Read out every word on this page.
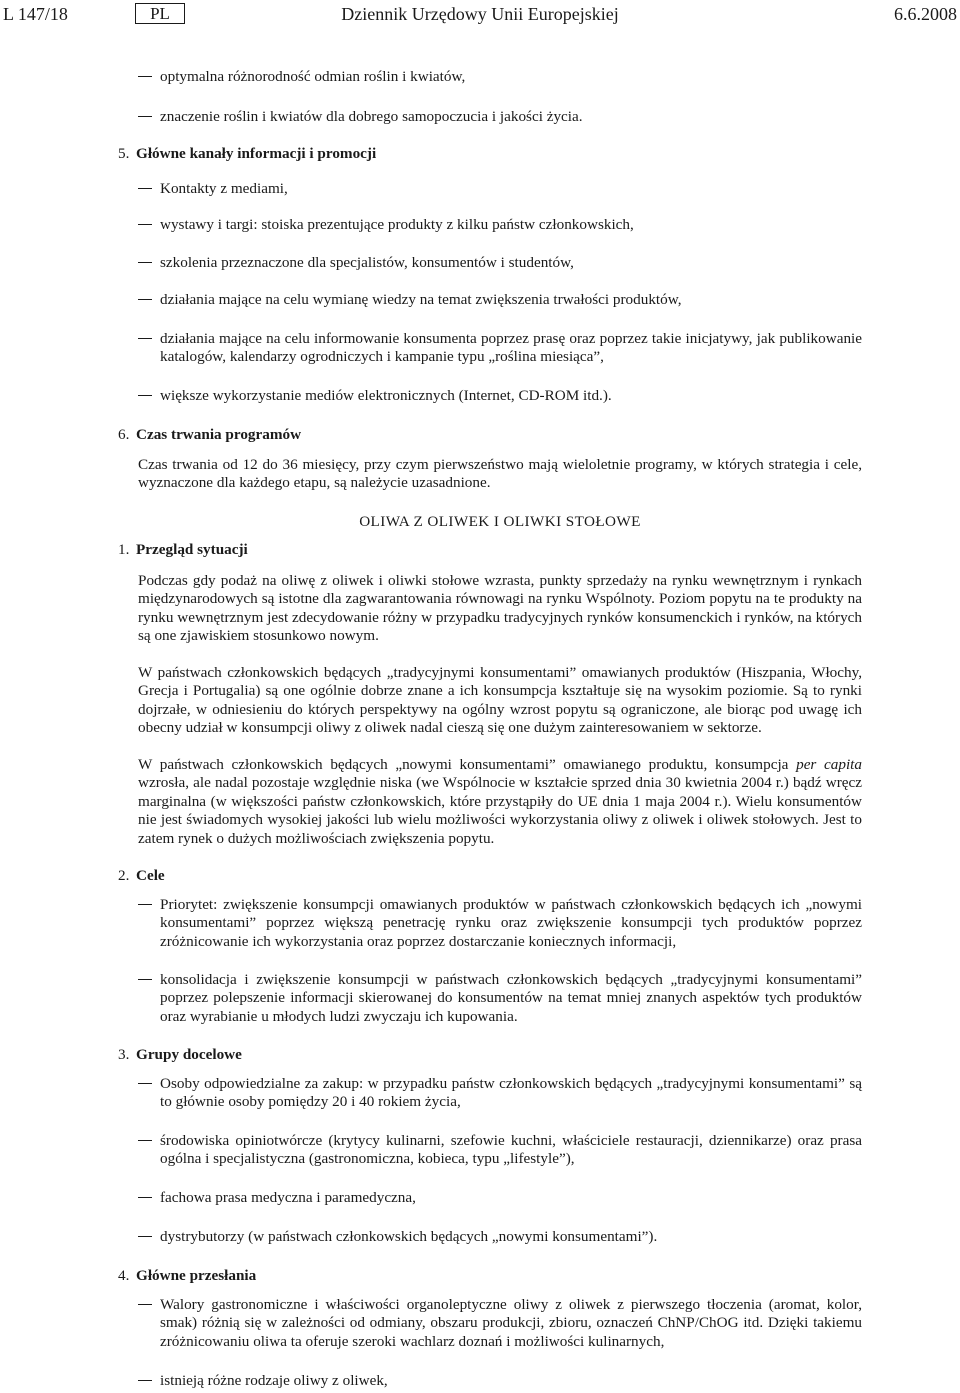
L 147/18	Dziennik Urzędowy Unii Europejskiej
PL	6.6.2008
optymalna różnorodność odmian roślin i kwiatów,
znaczenie roślin i kwiatów dla dobrego samopoczucia i jakości życia.
5. Główne kanały informacji i promocji
Kontakty z mediami,
wystawy i targi: stoiska prezentujące produkty z kilku państw członkowskich,
szkolenia przeznaczone dla specjalistów, konsumentów i studentów,
działania mające na celu wymianę wiedzy na temat zwiększenia trwałości produktów,
działania mające na celu informowanie konsumenta poprzez prasę oraz poprzez takie inicjatywy, jak publikowanie katalogów, kalendarzy ogrodniczych i kampanie typu „roślina miesiąca”,
większe wykorzystanie mediów elektronicznych (Internet, CD-ROM itd.).
6. Czas trwania programów
Czas trwania od 12 do 36 miesięcy, przy czym pierwszeństwo mają wieloletnie programy, w których strategia i cele, wyznaczone dla każdego etapu, są należycie uzasadnione.
OLIWA Z OLIWEK I OLIWKI STOŁOWE
1. Przegląd sytuacji
Podczas gdy podaż na oliwę z oliwek i oliwki stołowe wzrasta, punkty sprzedaży na rynku wewnętrznym i rynkach międzynarodowych są istotne dla zagwarantowania równowagi na rynku Wspólnoty. Poziom popytu na te produkty na rynku wewnętrznym jest zdecydowanie różny w przypadku tradycyjnych rynków konsumenckich i rynków, na których są one zjawiskiem stosunkowo nowym.
W państwach członkowskich będących „tradycyjnymi konsumentami” omawianych produktów (Hiszpania, Włochy, Grecja i Portugalia) są one ogólnie dobrze znane a ich konsumpcja kształtuje się na wysokim poziomie. Są to rynki dojrzałe, w odniesieniu do których perspektywy na ogólny wzrost popytu są ograniczone, ale biorąc pod uwagę ich obecny udział w konsumpcji oliwy z oliwek nadal cieszą się one dużym zainteresowaniem w sektorze.
W państwach członkowskich będących „nowymi konsumentami” omawianego produktu, konsumpcja per capita wzrosła, ale nadal pozostaje względnie niska (we Wspólnocie w kształcie sprzed dnia 30 kwietnia 2004 r.) bądź wręcz marginalna (w większości państw członkowskich, które przystąpiły do UE dnia 1 maja 2004 r.). Wielu konsumentów nie jest świadomych wysokiej jakości lub wielu możliwości wykorzystania oliwy z oliwek i oliwek stołowych. Jest to zatem rynek o dużych możliwościach zwiększenia popytu.
2. Cele
Priorytet: zwiększenie konsumpcji omawianych produktów w państwach członkowskich będących ich „nowymi konsumentami” poprzez większą penetrację rynku oraz zwiększenie konsumpcji tych produktów poprzez zróżnicowanie ich wykorzystania oraz poprzez dostarczanie koniecznych informacji,
konsolidacja i zwiększenie konsumpcji w państwach członkowskich będących „tradycyjnymi konsumentami” poprzez polepszenie informacji skierowanej do konsumentów na temat mniej znanych aspektów tych produktów oraz wyrabianie u młodych ludzi zwyczaju ich kupowania.
3. Grupy docelowe
Osoby odpowiedzialne za zakup: w przypadku państw członkowskich będących „tradycyjnymi konsumentami” są to głównie osoby pomiędzy 20 i 40 rokiem życia,
środowiska opiniotwórcze (krytycy kulinarni, szefowie kuchni, właściciele restauracji, dziennikarze) oraz prasa ogólna i specjalistyczna (gastronomiczna, kobieca, typu „lifestyle”),
fachowa prasa medyczna i paramedyczna,
dystrybutorzy (w państwach członkowskich będących „nowymi konsumentami”).
4. Główne przesłania
Walory gastronomiczne i właściwości organoleptyczne oliwy z oliwek z pierwszego tłoczenia (aromat, kolor, smak) różnią się w zależności od odmiany, obszaru produkcji, zbioru, oznaczeń ChNP/ChOG itd. Dzięki takiemu zróżnicowaniu oliwa ta oferuje szeroki wachlarz doznań i możliwości kulinarnych,
istnieją różne rodzaje oliwy z oliwek,
